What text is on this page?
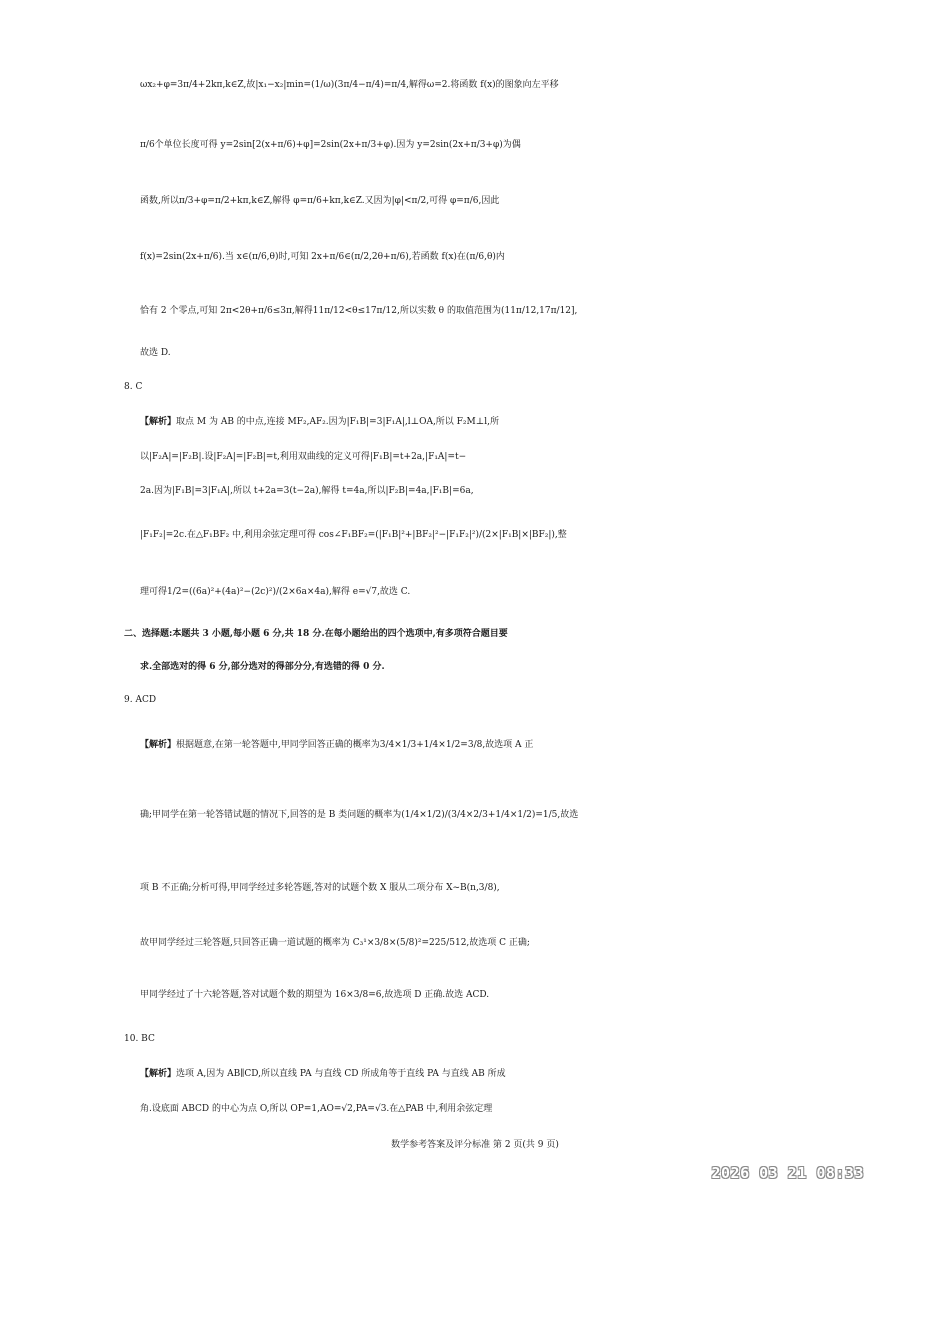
ωx₂+φ=3π/4+2kπ,k∈Z,故|x₁−x₂|min=(1/ω)(3π/4−π/4)=π/4,解得ω=2.将函数 f(x)的图象向左平移
π/6个单位长度可得 y=2sin[2(x+π/6)+φ]=2sin(2x+π/3+φ).因为 y=2sin(2x+π/3+φ)为偶
函数,所以π/3+φ=π/2+kπ,k∈Z,解得 φ=π/6+kπ,k∈Z.又因为|φ|<π/2,可得 φ=π/6,因此
f(x)=2sin(2x+π/6).当 x∈(π/6,θ)时,可知 2x+π/6∈(π/2,2θ+π/6),若函数 f(x)在(π/6,θ)内
恰有 2 个零点,可知 2π<2θ+π/6≤3π,解得11π/12<θ≤17π/12,所以实数 θ 的取值范围为(11π/12,17π/12],
故选 D.
8. C
【解析】取点 M 为 AB 的中点,连接 MF₂,AF₂.因为|F₁B|=3|F₁A|,l⊥OA,所以 F₂M⊥l,所
以|F₂A|=|F₂B|.设|F₂A|=|F₂B|=t,利用双曲线的定义可得|F₁B|=t+2a,|F₁A|=t−
2a.因为|F₁B|=3|F₁A|,所以 t+2a=3(t−2a),解得 t=4a,所以|F₂B|=4a,|F₁B|=6a,
|F₁F₂|=2c.在△F₁BF₂ 中,利用余弦定理可得 cos∠F₁BF₂=(|F₁B|²+|BF₂|²−|F₁F₂|²)/(2×|F₁B|×|BF₂|),整
理可得1/2=((6a)²+(4a)²−(2c)²)/(2×6a×4a),解得 e=√7,故选 C.
二、选择题:本题共 3 小题,每小题 6 分,共 18 分.在每小题给出的四个选项中,有多项符合题目要
求.全部选对的得 6 分,部分选对的得部分分,有选错的得 0 分.
9. ACD
【解析】根据题意,在第一轮答题中,甲同学回答正确的概率为3/4×1/3+1/4×1/2=3/8,故选项 A 正
确;甲同学在第一轮答错试题的情况下,回答的是 B 类问题的概率为(1/4×1/2)/(3/4×2/3+1/4×1/2)=1/5,故选
项 B 不正确;分析可得,甲同学经过多轮答题,答对的试题个数 X 服从二项分布 X~B(n,3/8),
故甲同学经过三轮答题,只回答正确一道试题的概率为 C₃¹×3/8×(5/8)²=225/512,故选项 C 正确;
甲同学经过了十六轮答题,答对试题个数的期望为 16×3/8=6,故选项 D 正确.故选 ACD.
10. BC
【解析】选项 A,因为 AB∥CD,所以直线 PA 与直线 CD 所成角等于直线 PA 与直线 AB 所成
角.设底面 ABCD 的中心为点 O,所以 OP=1,AO=√2,PA=√3.在△PAB 中,利用余弦定理
数学参考答案及评分标准 第 2 页(共 9 页)
2026 03 21 08:33
